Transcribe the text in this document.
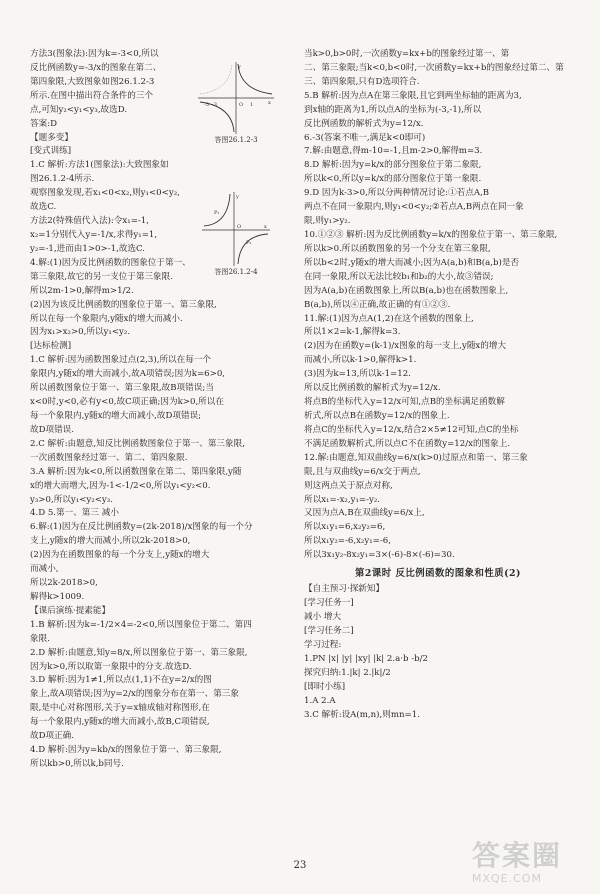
方法3(图象法):因为k=-3<0,所以
反比例函数y=-3/x的图象在第二、
第四象限,大致图象如图26.1.2-3
所示.在图中描出符合条件的三个
点,可知y₂<y₁<y₃,故选D.
答案:D
【题多变】
[变式训练]
1.C 解析:方法1(图象法):大致图象如
图26.1.2-4所示.
观察图象发现,若x₁<0<x₂,则y₁<0<y₂,
故选C.
方法2(特殊值代入法):令x₁=-1,
x₂=1分别代入y=-1/x,求得y₁=1,
y₂=-1,进而由1>0>-1,故选C.
4.解:(1)因为反比例函数的图象位于第一、
第三象限,故它的另一支位于第三象限.
所以2m-1>0,解得m>1/2.
(2)因为该反比例函数的图象位于第一、第三象限,
所以在每一个象限内,y随x的增大而减小.
因为x₁>x₂>0,所以y₁<y₂.
[达标检测]
1.C 解析:因为函数图象过点(2,3),所以在每一个
象限内,y随x的增大而减小,故A项错误;因为k=6>0,
所以函数图象位于第一、第三象限,故B项错误;当
x<0时,y<0,必有y<0,故C项正确;因为k>0,所以在
每一个象限内,y随x的增大而减小,故D项错误;
故D项错误.
2.C 解析:由题意,知反比例函数图象位于第一、第三象限,
一次函数图象经过第一、第二、第四象限.
3.A 解析:因为k<0,所以函数图象在第二、第四象限,y随
x的增大而增大,因为-1<-1/2<0,所以y₁<y₂<0.
y₃>0,所以y₁<y₂<y₃.
4.D 5.第一、第三 减小
6.解:(1)因为在反比例函数y=(2k-2018)/x图象的每一个分
支上,y随x的增大而减小,所以2k-2018>0,
(2)因为在函数图象的每一个分支上,y随x的增大
而减小,
所以2k-2018>0,
解得k>1009.
【课后演练·提素能】
1.B 解析:因为k=-1/2×4=-2<0,所以图象位于第二、第四
象限.
2.D 解析:由题意,知y=8/x,所以图象位于第一、第三象限,
因为k>0,所以取第一象限中的分支.故选D.
3.D 解析:因为1≠1,所以点(1,1)不在y=2/x的图
象上,故A项错误;因为y=2/x的图象分布在第一、第三象
限,是中心对称图形,关于y=x轴成轴对称图形,在
每一个象限内,y随x的增大而减小,故B,C项错误,
故D项正确.
4.D 解析:因为y=kb/x的图象位于第一、第三象限,
所以kb>0,所以k,b同号.
当k>0,b>0时,一次函数y=kx+b的图象经过第一、第
二、第三象限;当k<0,b<0时,一次函数y=kx+b的图象经过第二、第
三、第四象限,只有D选项符合.
5.B 解析:因为点A在第三象限,且它到两坐标轴的距离为3,
到x轴的距离为1,所以点A的坐标为(-3,-1),所以
反比例函数的解析式为y=12/x.
6.-3(答案不唯一,满足k<0即可)
7.解:由题意,得m-10=-1,且m-2>0,解得m=3.
8.D 解析:因为y=k/x的部分图象位于第二象限,
所以k<0,所以y=k/x的部分图象位于第一象限.
9.D 因为k-3>0,所以分两种情况讨论:①若点A,B
两点不在同一象限内,则y₁<0<y₂;②若点A,B两点在同一象
限,则y₁>y₂.
10.①②③ 解析:因为反比例函数y=k/x的图象位于第一、第三象限,
所以k>0.所以函数图象的另一个分支在第三象限,
所以b<2时,y随x的增大而减小;因为A(a,b)和B(a,b)是否
在同一象限,所以无法比较b₁和b₂的大小,故③错误;
因为A(a,b)在函数图象上,所以B(a,b)也在函数图象上,
B(a,b),所以④正确,故正确的有①②③.
11.解:(1)因为点A(1,2)在这个函数的图象上,
所以1×2=k-1,解得k=3.
(2)因为在函数y=(k-1)/x图象的每一支上,y随x的增大
而减小,所以k-1>0,解得k>1.
(3)因为k=13,所以k-1=12.
所以反比例函数的解析式为y=12/x.
将点B的坐标代入y=12/x可知,点B的坐标满足函数解
析式,所以点B在函数y=12/x的图象上.
将点C的坐标代入y=12/x,结合2×5≠12可知,点C的坐标
不满足函数解析式,所以点C不在函数y=12/x的图象上.
12.解:由题意,知双曲线y=6/x(k>0)过原点和第一、第三象
限,且与双曲线y=6/x交于两点,
则这两点关于原点对称,
所以x₁=-x₂,y₁=-y₂.
又因为点A,B在双曲线y=6/x上,
所以x₁y₁=6,x₂y₂=6,
所以x₁y₂=-6,x₂y₁=-6,
所以3x₁y₂-8x₂y₁=3×(-6)-8×(-6)=30.
第2课时 反比例函数的图象和性质(2)
【自主预习·探新知】
[学习任务一]
减小 增大
[学习任务二]
学习过程:
1.PN |x| |y| |xy| |k| 2.a·b -b/2
探究归纳:1.|k| 2.|k|/2
[即时小练]
1.A 2.A
3.C 解析:设A(m,n),则mn=1.
-5 -3	O 1	x
y
答图26.1.2-3
P₁
P₂
O	x
y
答图26.1.2-4
23	答案圈
MXQE.COM
